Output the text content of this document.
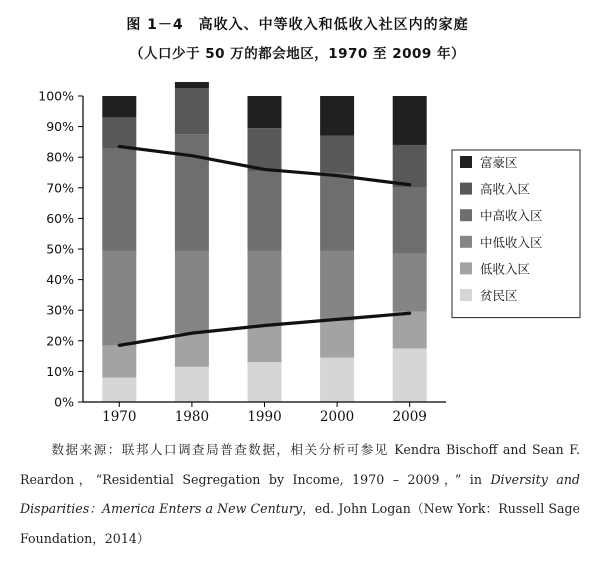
图 1－4　高收入、中等收入和低收入社区内的家庭
（人口少于 50 万的都会地区，1970 至 2009 年）
0%
10%
20%
30%
40%
50%
60%
70%
80%
90%
100%
1970	1980	1990	2000	2009
富豪区
高收入区
中高收入区
中低收入区
低收入区
贫民区
数据来源：联邦人口调查局普查数据，相关分析可参见 Kendra Bischoff and Sean F. Reardon，“Residential Segregation by Income, 1970 – 2009，” in Diversity and Disparities：America Enters a New Century，ed. John Logan（New York：Russell Sage Foundation，2014）
